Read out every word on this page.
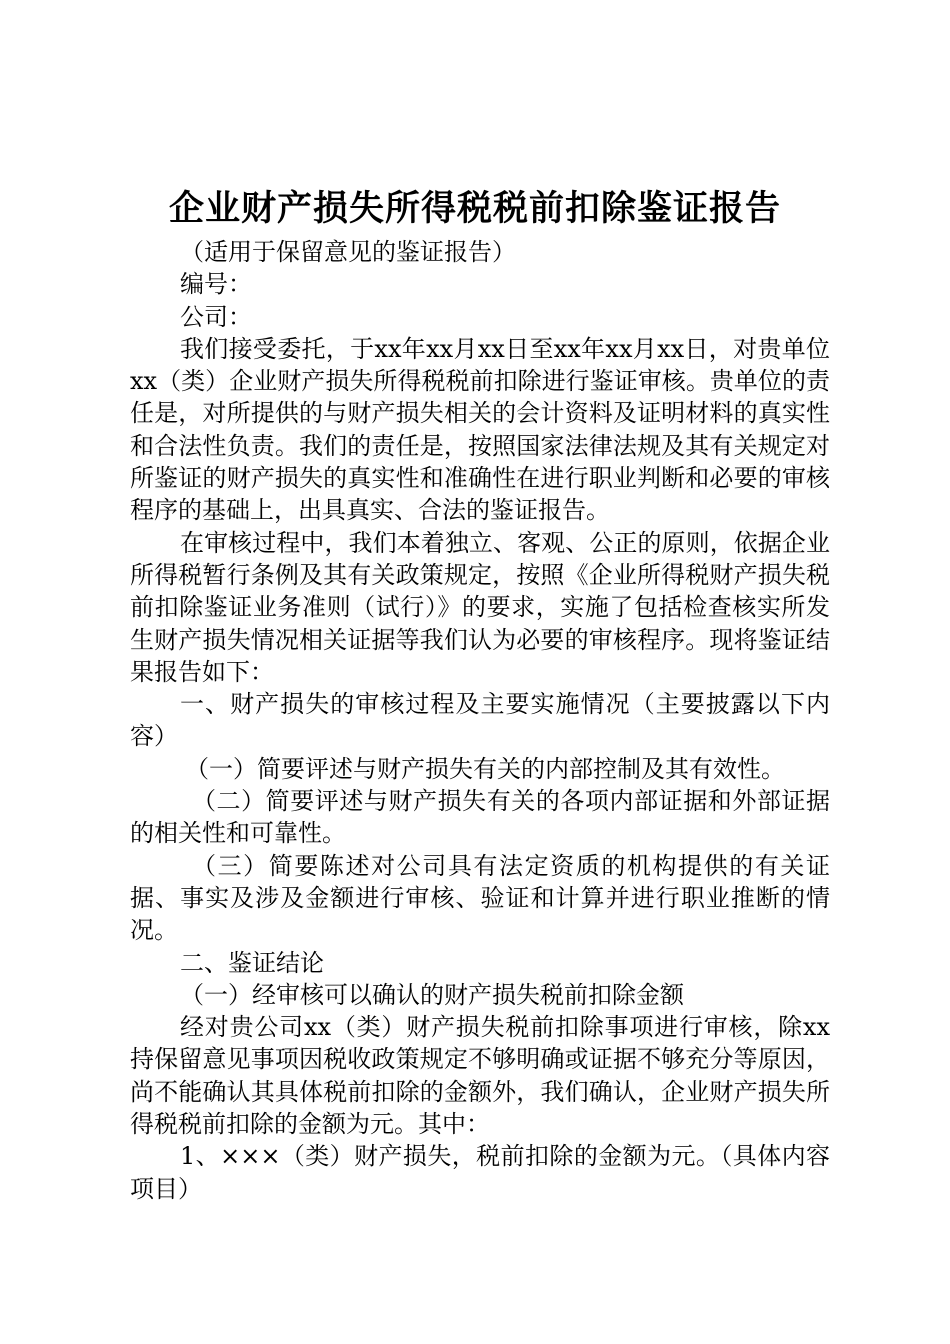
企业财产损失所得税税前扣除鉴证报告

（适用于保留意见的鉴证报告）

编号：

公司：

我们接受委托，于xx年xx月xx日至xx年xx月xx日，对贵单位xx（类）企业财产损失所得税税前扣除进行鉴证审核。贵单位的责任是，对所提供的与财产损失相关的会计资料及证明材料的真实性和合法性负责。我们的责任是，按照国家法律法规及其有关规定对所鉴证的财产损失的真实性和准确性在进行职业判断和必要的审核程序的基础上，出具真实、合法的鉴证报告。

在审核过程中，我们本着独立、客观、公正的原则，依据企业所得税暂行条例及其有关政策规定，按照《企业所得税财产损失税前扣除鉴证业务准则（试行）》的要求，实施了包括检查核实所发生财产损失情况相关证据等我们认为必要的审核程序。现将鉴证结果报告如下：

一、财产损失的审核过程及主要实施情况（主要披露以下内容）

（一）简要评述与财产损失有关的内部控制及其有效性。

（二）简要评述与财产损失有关的各项内部证据和外部证据的相关性和可靠性。

（三）简要陈述对公司具有法定资质的机构提供的有关证据、事实及涉及金额进行审核、验证和计算并进行职业推断的情况。

二、鉴证结论

（一）经审核可以确认的财产损失税前扣除金额

经对贵公司xx（类）财产损失税前扣除事项进行审核，除xx持保留意见事项因税收政策规定不够明确或证据不够充分等原因，尚不能确认其具体税前扣除的金额外，我们确认，企业财产损失所得税税前扣除的金额为元。其中：

1、×××（类）财产损失，税前扣除的金额为元。（具体内容项目）
